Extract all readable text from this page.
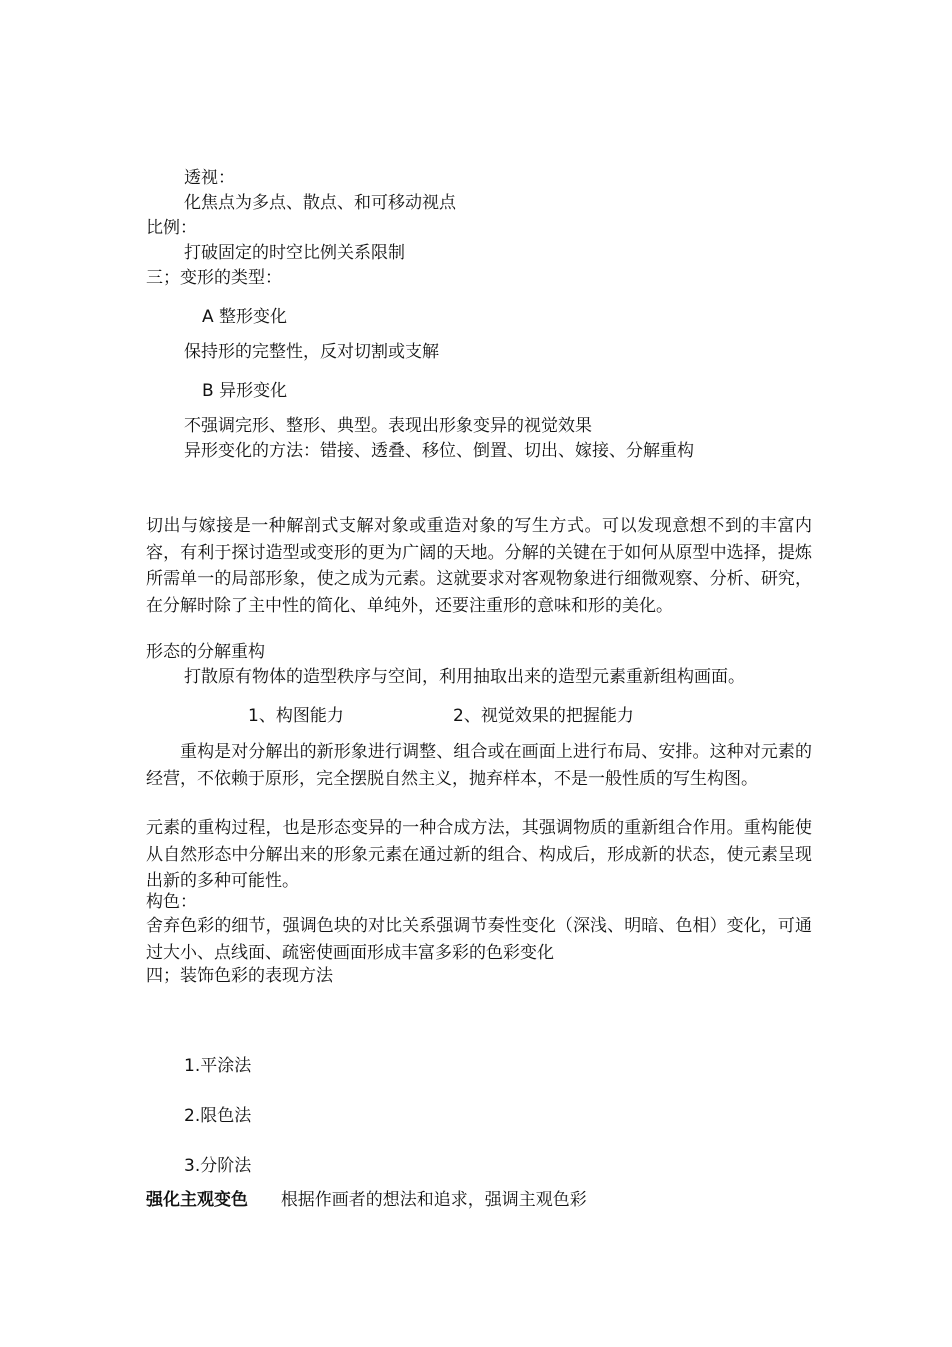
透视：

化焦点为多点、散点、和可移动视点

比例：

打破固定的时空比例关系限制

三；变形的类型：

A 整形变化

保持形的完整性，反对切割或支解

B 异形变化

不强调完形、整形、典型。表现出形象变异的视觉效果

异形变化的方法：错接、透叠、移位、倒置、切出、嫁接、分解重构

切出与嫁接是一种解剖式支解对象或重造对象的写生方式。可以发现意想不到的丰富内容，有利于探讨造型或变形的更为广阔的天地。分解的关键在于如何从原型中选择，提炼所需单一的局部形象，使之成为元素。这就要求对客观物象进行细微观察、分析、研究，在分解时除了主中性的简化、单纯外，还要注重形的意味和形的美化。

形态的分解重构

打散原有物体的造型秩序与空间，利用抽取出来的造型元素重新组构画面。

1、构图能力	2、视觉效果的把握能力

重构是对分解出的新形象进行调整、组合或在画面上进行布局、安排。这种对元素的经营，不依赖于原形，完全摆脱自然主义，抛弃样本，不是一般性质的写生构图。

元素的重构过程，也是形态变异的一种合成方法，其强调物质的重新组合作用。重构能使从自然形态中分解出来的形象元素在通过新的组合、构成后，形成新的状态，使元素呈现出新的多种可能性。

构色：

舍弃色彩的细节，强调色块的对比关系强调节奏性变化（深浅、明暗、色相）变化，可通过大小、点线面、疏密使画面形成丰富多彩的色彩变化

四；装饰色彩的表现方法

1.平涂法

2.限色法

3.分阶法

强化主观变色 根据作画者的想法和追求，强调主观色彩
